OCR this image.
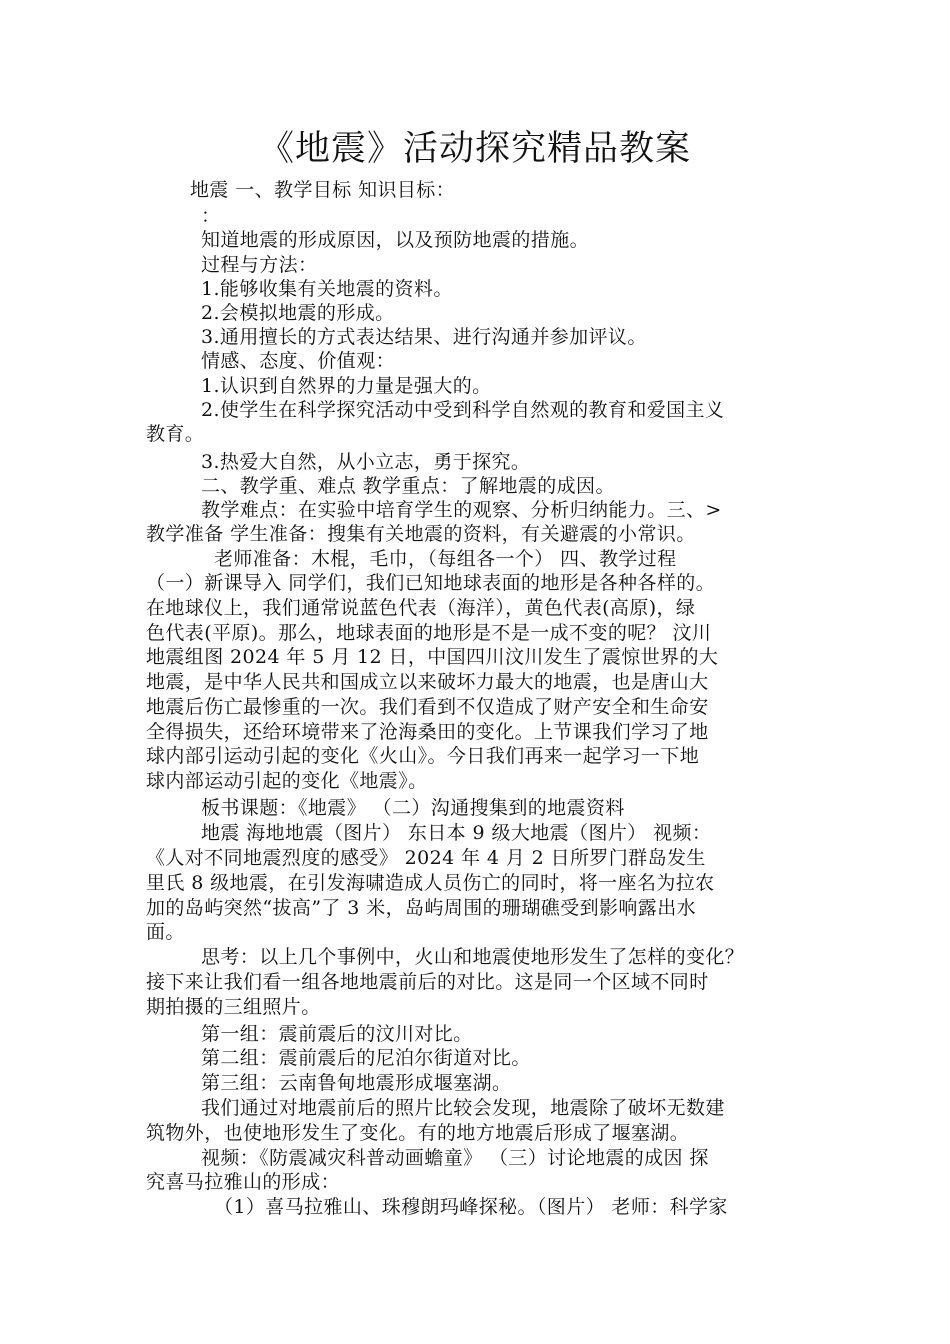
《地震》活动探究精品教案
地震 一、教学目标 知识目标：
：
知道地震的形成原因，以及预防地震的措施。
过程与方法：
1.能够收集有关地震的资料。
2.会模拟地震的形成。
3.通用擅长的方式表达结果、进行沟通并参加评议。
情感、态度、价值观：
1.认识到自然界的力量是强大的。
2.使学生在科学探究活动中受到科学自然观的教育和爱国主义
教育。
3.热爱大自然，从小立志，勇于探究。
二、教学重、难点 教学重点：了解地震的成因。
教学难点：在实验中培育学生的观察、分析归纳能力。三、>
教学准备 学生准备：搜集有关地震的资料，有关避震的小常识。
老师准备：木棍，毛巾，（每组各一个） 四、教学过程
（一）新课导入 同学们，我们已知地球表面的地形是各种各样的。
在地球仪上，我们通常说蓝色代表（海洋），黄色代表(高原)，绿
色代表(平原)。那么，地球表面的地形是不是一成不变的呢？ 汶川
地震组图 2024 年 5 月 12 日，中国四川汶川发生了震惊世界的大
地震，是中华人民共和国成立以来破坏力最大的地震，也是唐山大
地震后伤亡最惨重的一次。我们看到不仅造成了财产安全和生命安
全得损失，还给环境带来了沧海桑田的变化。上节课我们学习了地
球内部引运动引起的变化《火山》。今日我们再来一起学习一下地
球内部运动引起的变化《地震》。
板书课题：《地震》 （二）沟通搜集到的地震资料
地震 海地地震（图片） 东日本 9 级大地震（图片） 视频：
《人对不同地震烈度的感受》 2024 年 4 月 2 日所罗门群岛发生
里氏 8 级地震，在引发海啸造成人员伤亡的同时，将一座名为拉农
加的岛屿突然“拔高”了 3 米，岛屿周围的珊瑚礁受到影响露出水
面。
思考：以上几个事例中，火山和地震使地形发生了怎样的变化？
接下来让我们看一组各地地震前后的对比。这是同一个区域不同时
期拍摄的三组照片。
第一组：震前震后的汶川对比。
第二组：震前震后的尼泊尔街道对比。
第三组：云南鲁甸地震形成堰塞湖。
我们通过对地震前后的照片比较会发现，地震除了破坏无数建
筑物外，也使地形发生了变化。有的地方地震后形成了堰塞湖。
视频：《防震减灾科普动画蟾童》 （三）讨论地震的成因 探
究喜马拉雅山的形成：
（1）喜马拉雅山、珠穆朗玛峰探秘。（图片） 老师：科学家
